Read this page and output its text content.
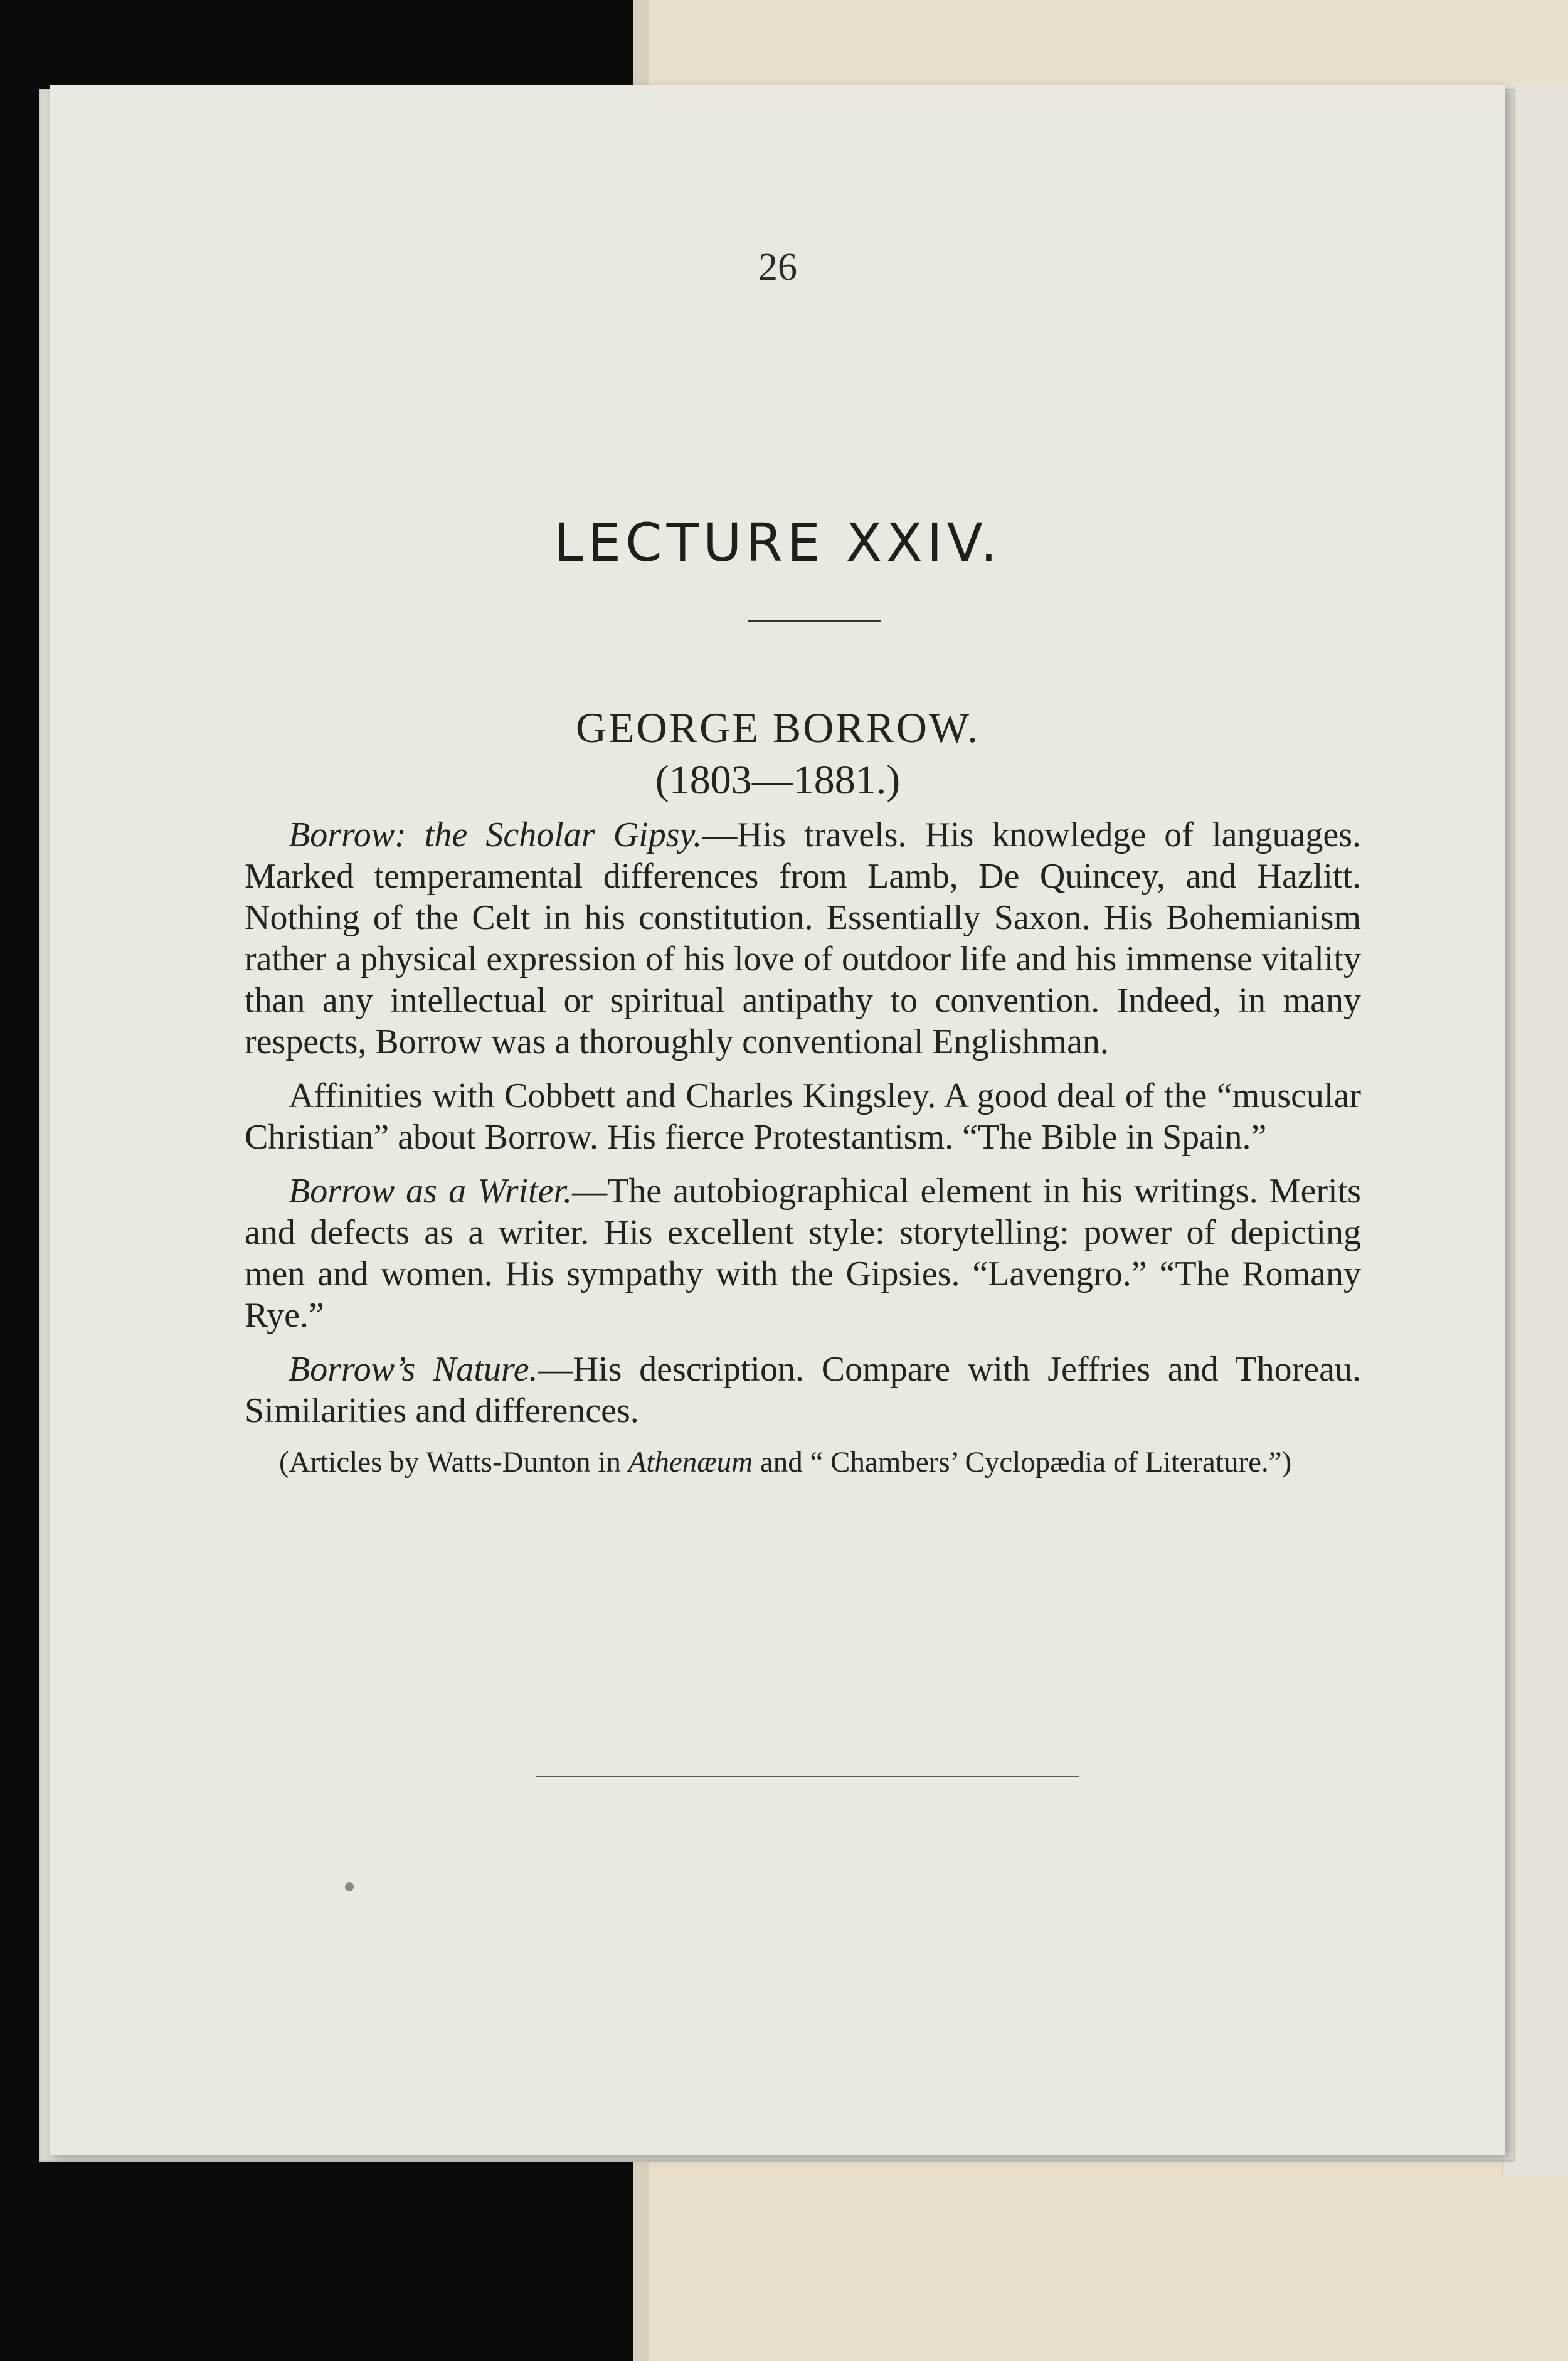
26
LECTURE XXIV.
GEORGE BORROW.
(1803—1881.)

Borrow: the Scholar Gipsy.—His travels. His knowledge of languages. Marked temperamental differences from Lamb, De Quincey, and Hazlitt. Nothing of the Celt in his constitution. Essentially Saxon. His Bohemianism rather a physical expression of his love of outdoor life and his immense vitality than any intellectual or spiritual antipathy to convention. Indeed, in many respects, Borrow was a thoroughly conventional Englishman.

Affinities with Cobbett and Charles Kingsley. A good deal of the “muscular Christian” about Borrow. His fierce Protestantism. “The Bible in Spain.”

Borrow as a Writer.—The autobiographical element in his writings. Merits and defects as a writer. His excellent style: storytelling: power of depicting men and women. His sympathy with the Gipsies. “Lavengro.” “The Romany Rye.”

Borrow’s Nature.—His description. Compare with Jeffries and Thoreau. Similarities and differences.

(Articles by Watts-Dunton in Athenæum and “ Chambers’ Cyclopædia of Literature.”)
